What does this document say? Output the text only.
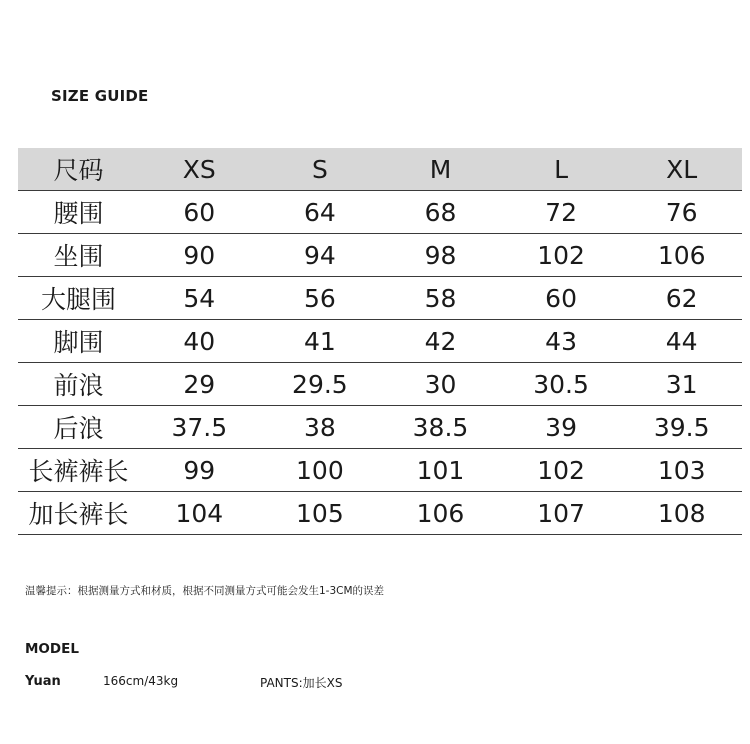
SIZE GUIDE
尺码	XS	S	M	L	XL
腰围	60	64	68	72	76
坐围	90	94	98	102	106
大腿围	54	56	58	60	62
脚围	40	41	42	43	44
前浪	29	29.5	30	30.5	31
后浪	37.5	38	38.5	39	39.5
长裤裤长	99	100	101	102	103
加长裤长	104	105	106	107	108
温馨提示：根据测量方式和材质，根据不同测量方式可能会发生1-3CM的误差
MODEL
Yuan	166cm/43kg	PANTS:加长XS
